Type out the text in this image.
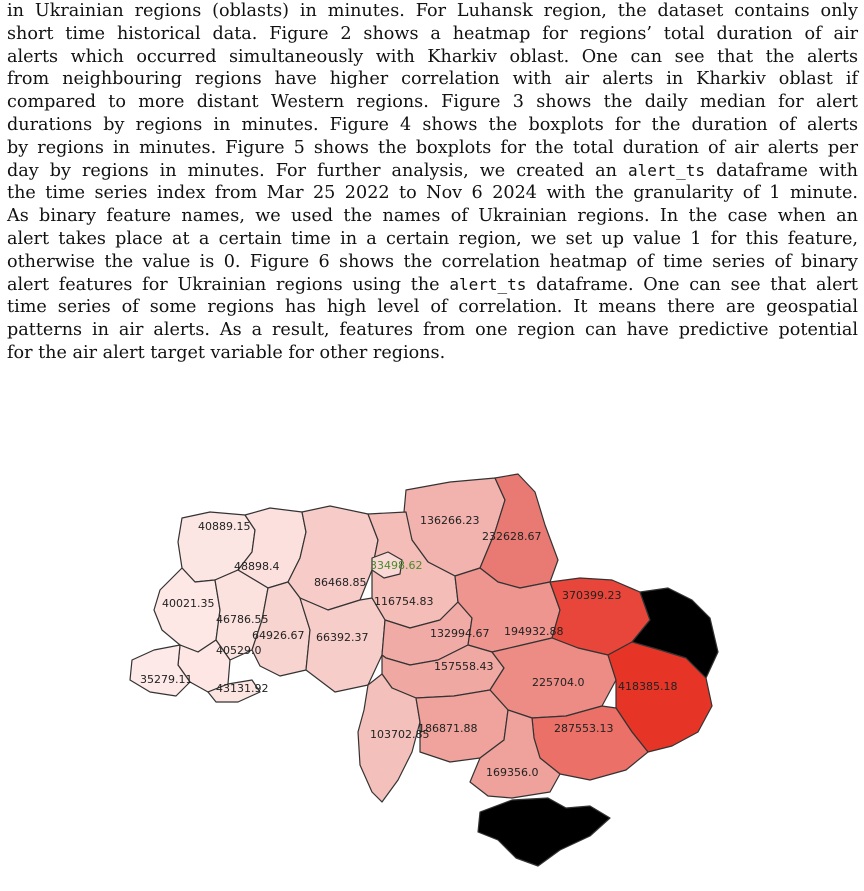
in Ukrainian regions (oblasts) in minutes. For Luhansk region, the dataset contains only
short time historical data. Figure 2 shows a heatmap for regions’ total duration of air
alerts which occurred simultaneously with Kharkiv oblast. One can see that the alerts
from neighbouring regions have higher correlation with air alerts in Kharkiv oblast if
compared to more distant Western regions. Figure 3 shows the daily median for alert
durations by regions in minutes. Figure 4 shows the boxplots for the duration of alerts
by regions in minutes. Figure 5 shows the boxplots for the total duration of air alerts per
day by regions in minutes. For further analysis, we created an alert_ts dataframe with
the time series index from Mar 25 2022 to Nov 6 2024 with the granularity of 1 minute.
As binary feature names, we used the names of Ukrainian regions. In the case when an
alert takes place at a certain time in a certain region, we set up value 1 for this feature,
otherwise the value is 0. Figure 6 shows the correlation heatmap of time series of binary
alert features for Ukrainian regions using the alert_ts dataframe. One can see that alert
time series of some regions has high level of correlation. It means there are geospatial
patterns in air alerts. As a result, features from one region can have predictive potential
for the air alert target variable for other regions.
40889.15
48898.4
86468.85
33498.62
136266.23
232628.67
40021.35
46786.55
64926.67 66392.37
116754.83
132994.67 194932.88
370399.23
40529.0
35279.11
43131.92
157558.43
225704.0	418385.18
103702.85
186871.88	287553.13
169356.0
